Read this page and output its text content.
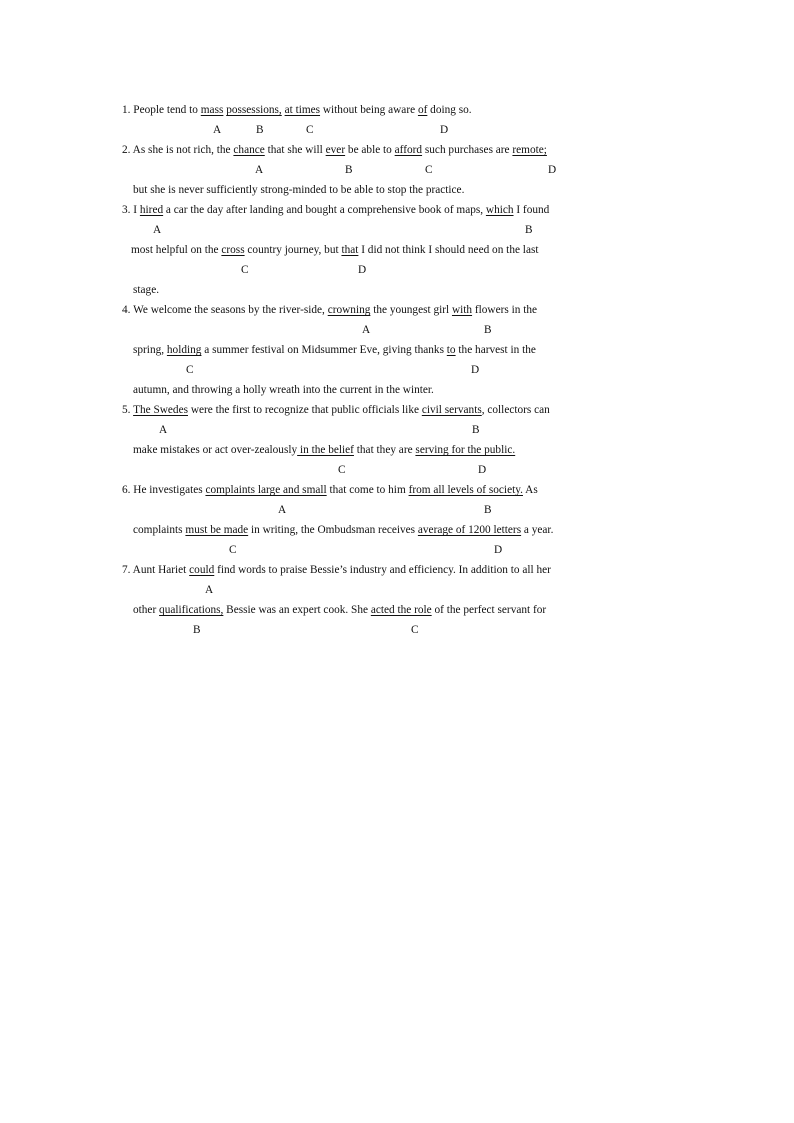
1. People tend to mass possessions, at times without being aware of doing so.
A	B	C	D
2. As she is not rich, the chance that she will ever be able to afford such purchases are remote;
A	B	C	D
but she is never sufficiently strong-minded to be able to stop the practice.
3. I hired a car the day after landing and bought a comprehensive book of maps, which I found
A	B
most helpful on the cross country journey, but that I did not think I should need on the last
C	D
stage.
4. We welcome the seasons by the river-side, crowning the youngest girl with flowers in the
A	B
spring, holding a summer festival on Midsummer Eve, giving thanks to the harvest in the
C	D
autumn, and throwing a holly wreath into the current in the winter.
5. The Swedes were the first to recognize that public officials like civil servants, collectors can
A	B
make mistakes or act over-zealously in the belief that they are serving for the public.
C	D
6. He investigates complaints large and small that come to him from all levels of society. As
A	B
complaints must be made in writing, the Ombudsman receives average of 1200 letters a year.
C	D
7. Aunt Hariet could find words to praise Bessie’s industry and efficiency. In addition to all her
A
other qualifications, Bessie was an expert cook. She acted the role of the perfect servant for
B	C
